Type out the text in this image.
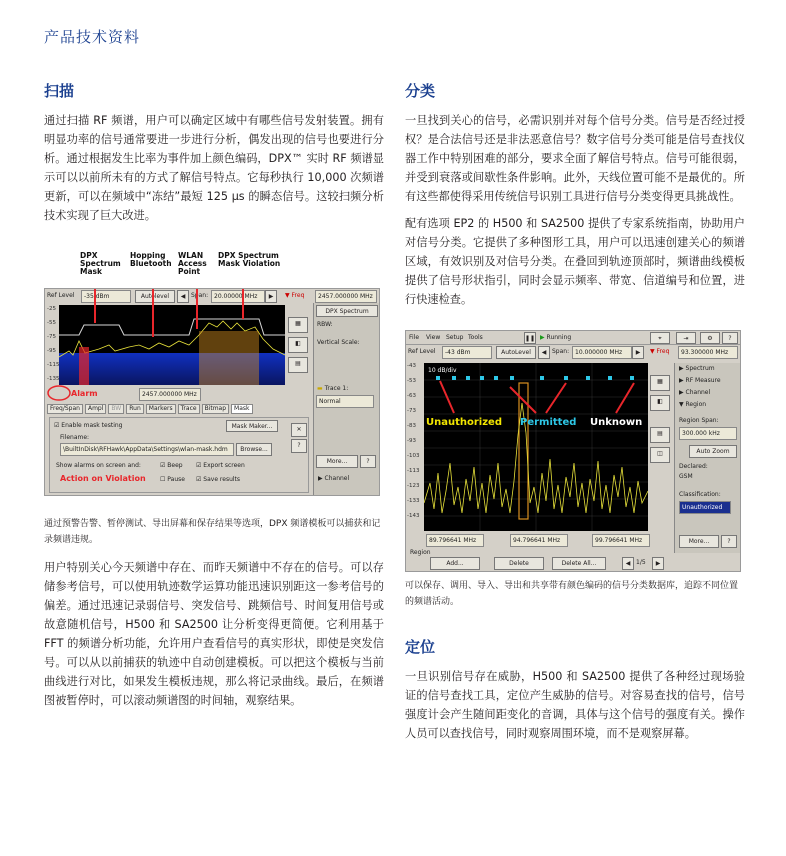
产品技术资料
扫描

通过扫描 RF 频谱，用户可以确定区域中有哪些信号发射装置。拥有明显功率的信号通常要进一步进行分析，偶发出现的信号也要进行分析。通过根据发生比率为事件加上颜色编码，DPX™ 实时 RF 频谱显示可以以前所未有的方式了解信号特点。它每秒执行 10,000 次频谱更新，可以在频域中“冻结”最短 125 μs 的瞬态信号。这较扫频分析技术实现了巨大改进。

DPX Spectrum Mask
Hopping Bluetooth
WLAN Access Point
DPX Spectrum Mask Violation
Ref Level -35 dBm	Autolevel	◀ Span: 20.00000 MHz	▶	▼ Freq 2457.000000 MHz
-25
-55
-75
-95
-115
-135
DPX Spectrum
RBW:
Vertical Scale:
▬ Trace 1:
Normal
More...	?
▶ Channel
▦
◧
▤
Alarm	2457.000000 MHz
Freq/Span	Ampl	BW	Run	Markers	Trace	Bitmap	Mask
☑ Enable mask testing	Mask Maker...
Filename:
\BuiltInDisk\RFHawk\AppData\Settings\wlan-mask.hdm	Browse...
Show alarms on screen and:	☑ Beep ☑ Export screen
Action on Violation ☐ Pause ☑ Save results
✕
?

通过预警告警、暂停测试、导出屏幕和保存结果等选项，DPX 频谱模板可以捕获和记录频谱违规。

用户特别关心今天频谱中存在、而昨天频谱中不存在的信号。可以存储参考信号，可以使用轨迹数学运算功能迅速识别距这一参考信号的偏差。通过迅速记录弱信号、突发信号、跳频信号、时间复用信号或故意随机信号，H500 和 SA2500 让分析变得更简便。它利用基于 FFT 的频谱分析功能，允许用户查看信号的真实形状，即使是突发信号。可以从以前捕获的轨迹中自动创建模板。可以把这个模板与当前曲线进行对比，如果发生模板违规，那么将记录曲线。最后，在频谱图被暂停时，可以滚动频谱图的时间轴，观察结果。

分类

一旦找到关心的信号，必需识别并对每个信号分类。信号是否经过授权？是合法信号还是非法恶意信号？数字信号分类可能是信号查找仪器工作中特别困难的部分，要求全面了解信号特点。信号可能很弱，并受到衰落或间歇性条件影响。此外，天线位置可能不是最优的。所有这些都使得采用传统信号识别工具进行信号分类变得更具挑战性。

配有选项 EP2 的 H500 和 SA2500 提供了专家系统指南，协助用户对信号分类。它提供了多种图形工具，用户可以迅速创建关心的频谱区域，有效识别及对信号分类。在叠回到轨迹顶部时，频谱曲线模板提供了信号形状指引，同时会显示频率、带宽、信道编号和位置，进行快速检查。

File View Setup Tools	❚❚ ▶ Running	⌖	⇥	⚙	?
Ref Level -43 dBm	AutoLevel	◀ Span: 10.000000 MHz	▶	▼ Freq 93.300000 MHz
10 dB/div
-43
-53
-63
-73
-83
-93
-103
-113
-123
-133
-143
Unauthorized Permitted Unknown
89.796641 MHz	94.796641 MHz	99.796641 MHz
Region
Add...	Delete	Delete All...	◀ 1/5	▶
▦
◧
▤
◫
▶ Spectrum
▶ RF Measure
▶ Channel
▼ Region
Region Span:
300.000 kHz
Auto Zoom
Declared:
GSM
Classification:
Unauthorized
More...	?

可以保存、调用、导入、导出和共享带有颜色编码的信号分类数据库，追踪不同位置的频谱活动。

定位

一旦识别信号存在威胁，H500 和 SA2500 提供了各种经过现场验证的信号查找工具，定位产生威胁的信号。对容易查找的信号，信号强度计会产生随间距变化的音调，具体与这个信号的强度有关。操作人员可以查找信号，同时观察周围环境，而不是观察屏幕。
